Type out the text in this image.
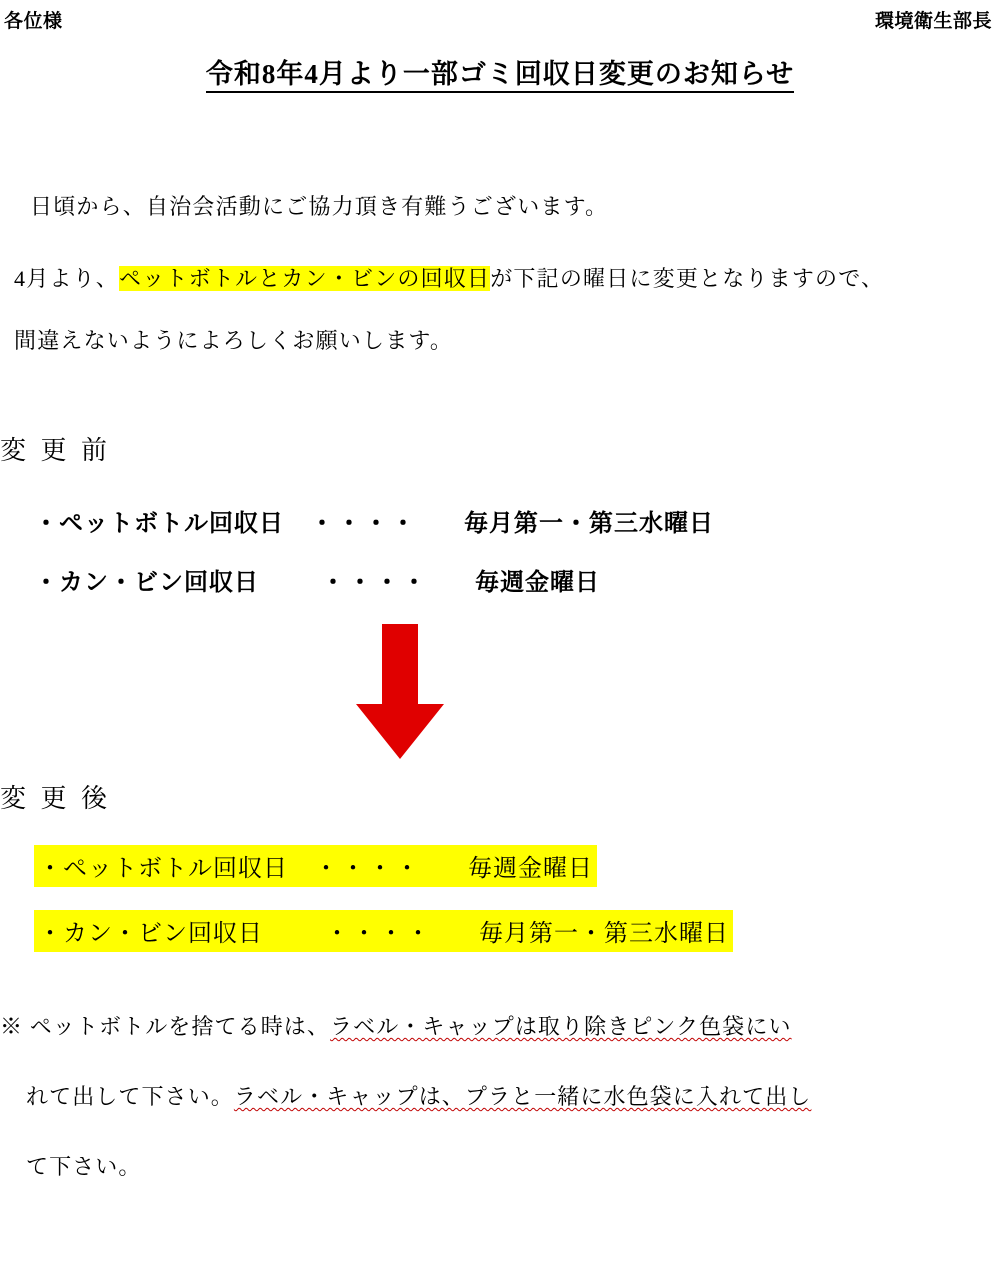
各位様	環境衛生部長
令和8年4月より一部ゴミ回収日変更のお知らせ
日頃から、自治会活動にご協力頂き有難うございます。
4月より、ペットボトルとカン・ビンの回収日が下記の曜日に変更となりますので、
間違えないようによろしくお願いします。
変 更 前
・ペットボトル回収日 ・・・・ 毎月第一・第三水曜日
・カン・ビン回収日	・・・・ 毎週金曜日
変 更 後
・ペットボトル回収日 ・・・・ 毎週金曜日
・カン・ビン回収日	・・・・ 毎月第一・第三水曜日
※ ペットボトルを捨てる時は、ラベル・キャップは取り除きピンク色袋にい
れて出して下さい。ラベル・キャップは、プラと一緒に水色袋に入れて出し
て下さい。
